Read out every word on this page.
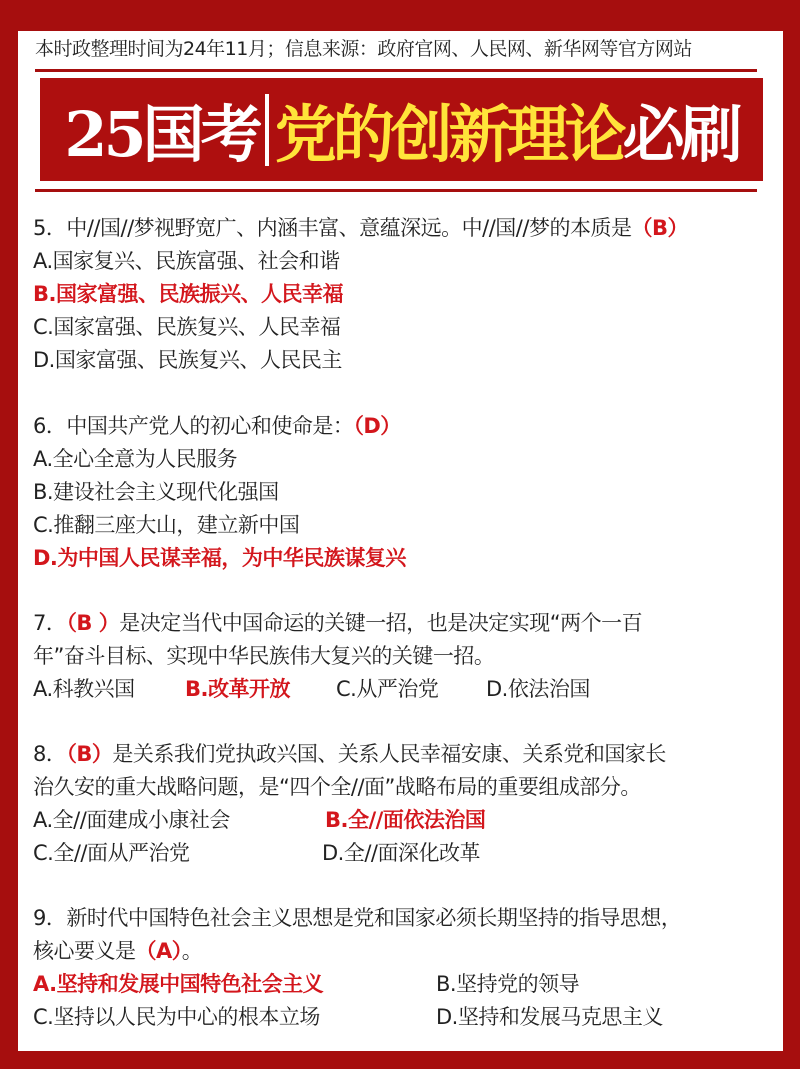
本时政整理时间为24年11月；信息来源：政府官网、人民网、新华网等官方网站
25国考 党的创新理论 必刷
5．中//国//梦视野宽广、内涵丰富、意蕴深远。中//国//梦的本质是（B）
A.国家复兴、民族富强、社会和谐
B.国家富强、民族振兴、人民幸福
C.国家富强、民族复兴、人民幸福
D.国家富强、民族复兴、人民民主
6．中国共产党人的初心和使命是：（D）
A.全心全意为人民服务
B.建设社会主义现代化强国
C.推翻三座大山，建立新中国
D.为中国人民谋幸福，为中华民族谋复兴
7．（B ）是决定当代中国命运的关键一招，也是决定实现“两个一百
年”奋斗目标、实现中华民族伟大复兴的关键一招。
A.科教兴国 B.改革开放 C.从严治党 D.依法治国
8．（B）是关系我们党执政兴国、关系人民幸福安康、关系党和国家长
治久安的重大战略问题，是“四个全//面”战略布局的重要组成部分。
A.全//面建成小康社会	B.全//面依法治国
C.全//面从严治党	D.全//面深化改革
9．新时代中国特色社会主义思想是党和国家必须长期坚持的指导思想，
核心要义是（A）。
A.坚持和发展中国特色社会主义	B.坚持党的领导
C.坚持以人民为中心的根本立场	D.坚持和发展马克思主义
